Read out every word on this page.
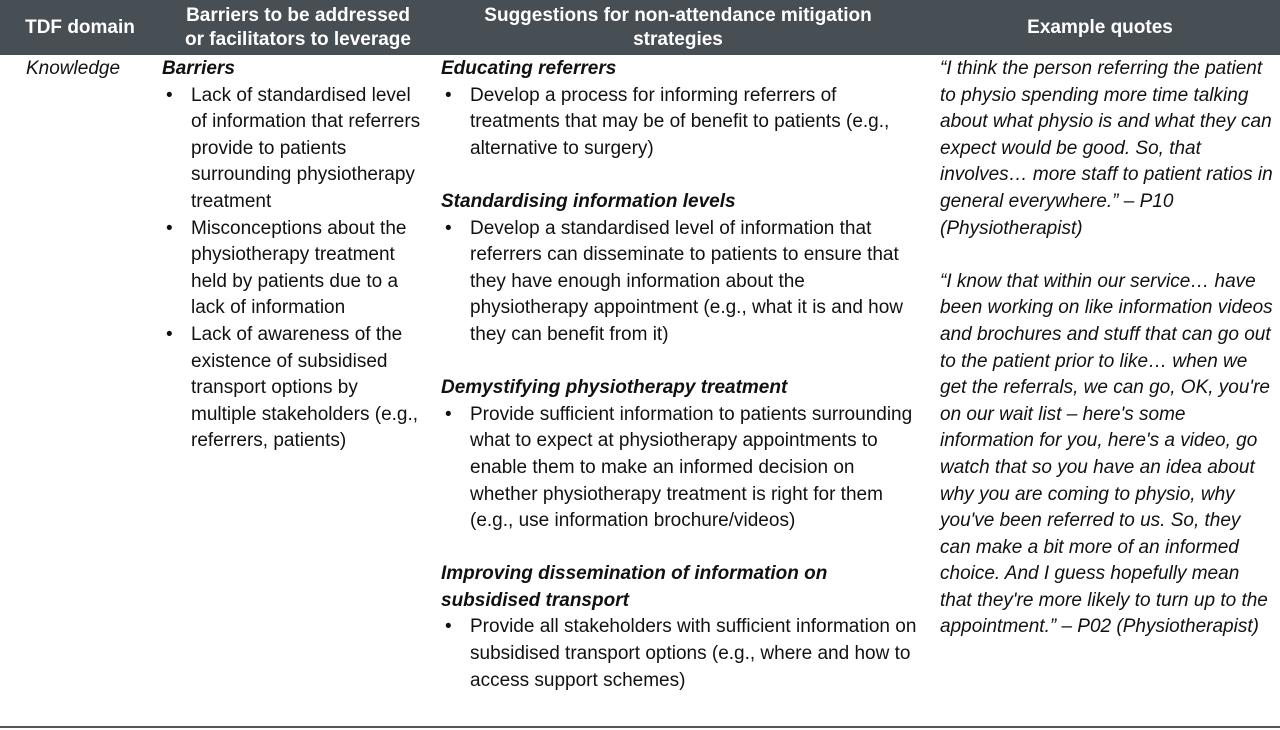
TDF domain
Barriers to be addressed
or facilitators to leverage
Suggestions for non-attendance mitigation
strategies
Example quotes
Knowledge	Barriers

• Lack of standardised level of information that referrers provide to patients surrounding physiotherapy treatment
• Misconceptions about the physiotherapy treatment held by patients due to a lack of information
• Lack of awareness of the existence of subsidised transport options by multiple stakeholders (e.g., referrers, patients)

Educating referrers

• Develop a process for informing referrers of treatments that may be of benefit to patients (e.g., alternative to surgery)

Standardising information levels

• Develop a standardised level of information that referrers can disseminate to patients to ensure that they have enough information about the physiotherapy appointment (e.g., what it is and how they can benefit from it)

Demystifying physiotherapy treatment

• Provide sufficient information to patients surrounding what to expect at physiotherapy appointments to enable them to make an informed decision on whether physiotherapy treatment is right for them (e.g., use information brochure/videos)

Improving dissemination of information on subsidised transport

• Provide all stakeholders with sufficient information on subsidised transport options (e.g., where and how to access support schemes)

“I think the person referring the patient to physio spending more time talking about what physio is and what they can expect would be good. So, that involves… more staff to patient ratios in general everywhere.” – P10 (Physiotherapist)

“I know that within our service… have been working on like information videos and brochures and stuff that can go out to the patient prior to like… when we get the referrals, we can go, OK, you're on our wait list – here's some information for you, here's a video, go watch that so you have an idea about why you are coming to physio, why you've been referred to us. So, they can make a bit more of an informed choice. And I guess hopefully mean that they're more likely to turn up to the appointment.” – P02 (Physiotherapist)
